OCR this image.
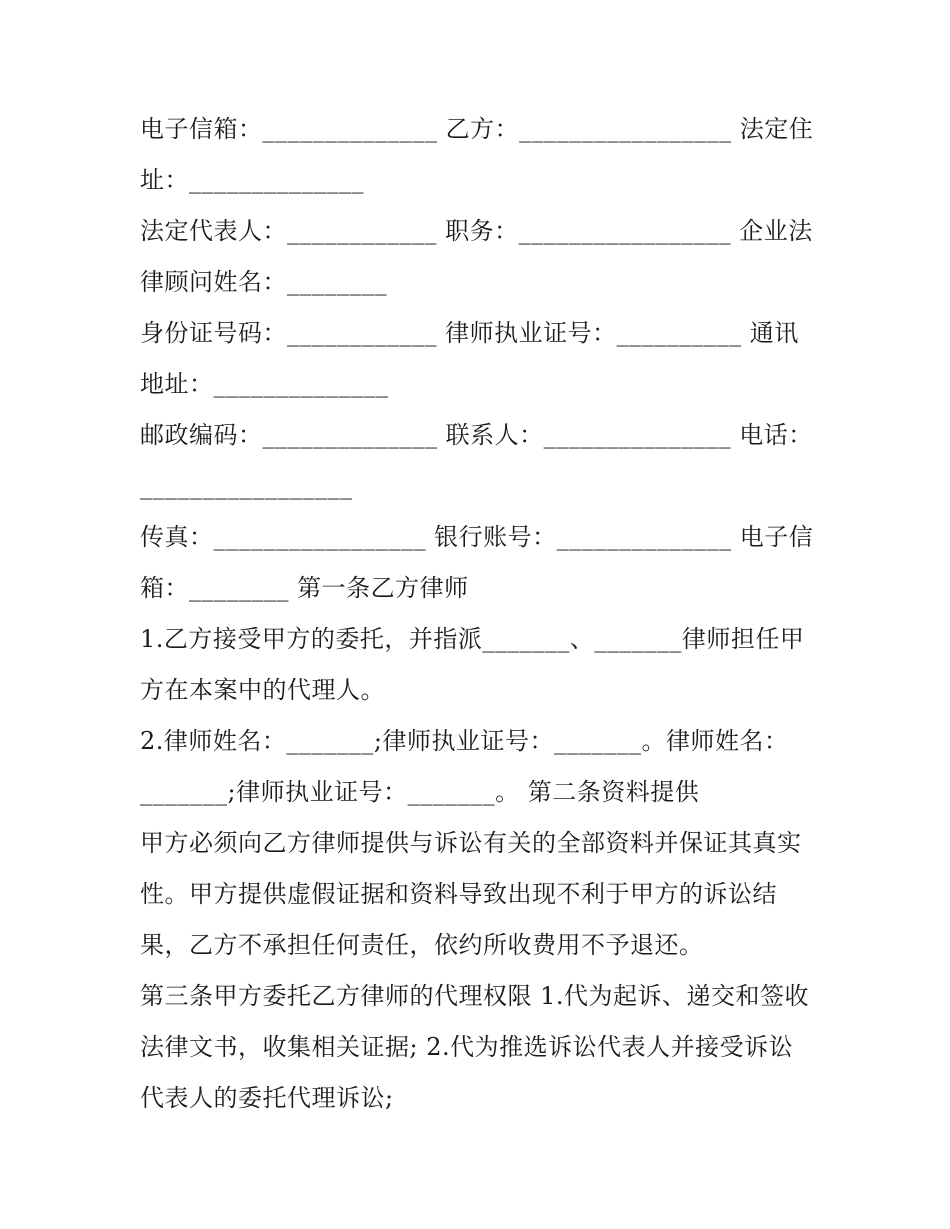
电子信箱：______________ 乙方：_________________ 法定住
址：______________
法定代表人：____________ 职务：_________________ 企业法
律顾问姓名：________
身份证号码：____________ 律师执业证号：__________ 通讯
地址：______________
邮政编码：______________ 联系人：_______________ 电话：
_________________
传真：_________________ 银行账号：______________ 电子信
箱：________ 第一条乙方律师
1.乙方接受甲方的委托，并指派_______、_______律师担任甲
方在本案中的代理人。
2.律师姓名：_______;律师执业证号：_______。律师姓名：
_______;律师执业证号：_______。 第二条资料提供
甲方必须向乙方律师提供与诉讼有关的全部资料并保证其真实
性。甲方提供虚假证据和资料导致出现不利于甲方的诉讼结
果，乙方不承担任何责任，依约所收费用不予退还。
第三条甲方委托乙方律师的代理权限 1.代为起诉、递交和签收
法律文书，收集相关证据; 2.代为推选诉讼代表人并接受诉讼
代表人的委托代理诉讼;
